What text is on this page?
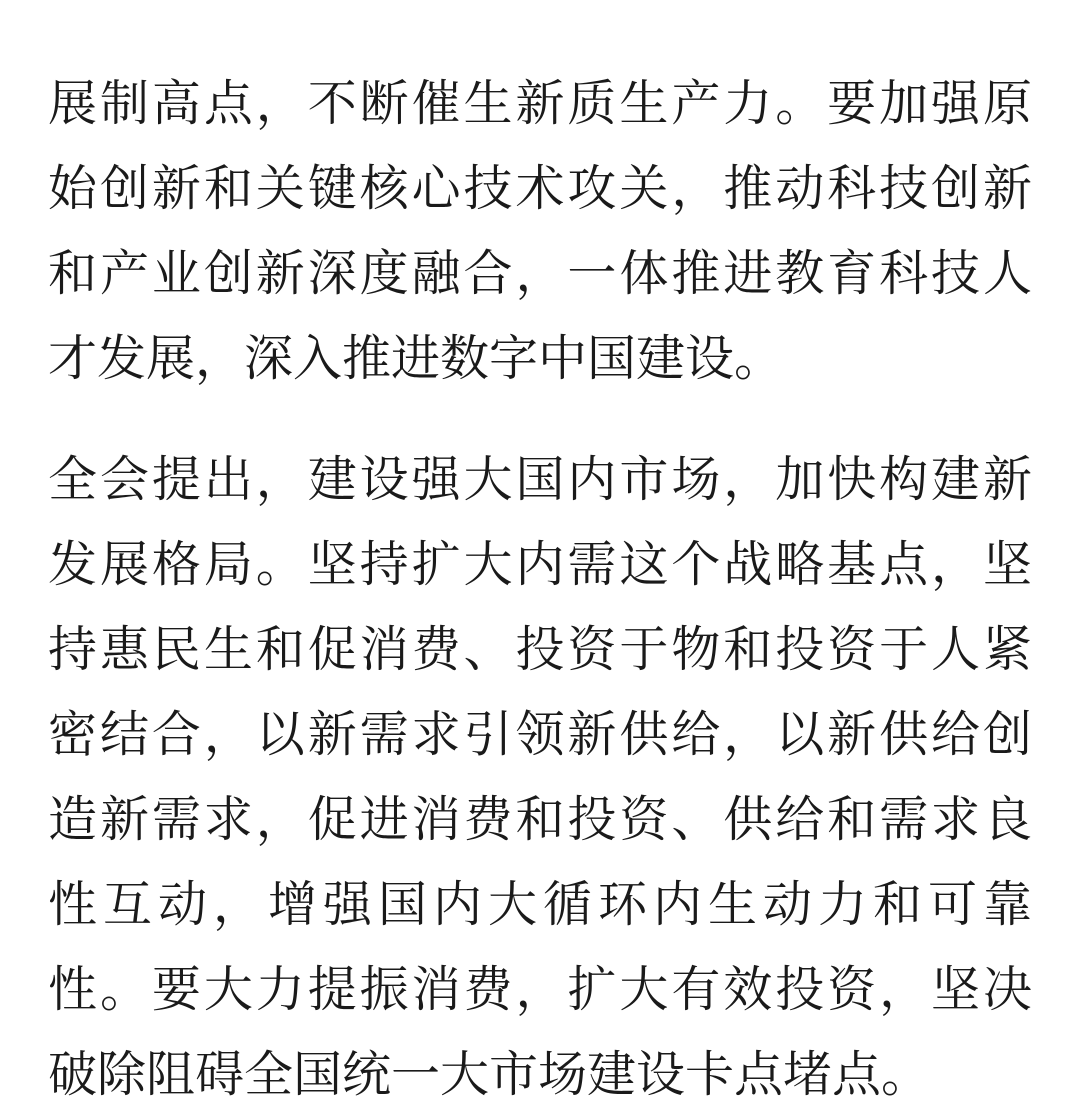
展制高点，不断催生新质生产力。要加强原
始创新和关键核心技术攻关，推动科技创新
和产业创新深度融合，一体推进教育科技人
才发展，深入推进数字中国建设。
全会提出，建设强大国内市场，加快构建新
发展格局。坚持扩大内需这个战略基点，坚
持惠民生和促消费、投资于物和投资于人紧
密结合，以新需求引领新供给，以新供给创
造新需求，促进消费和投资、供给和需求良
性互动，增强国内大循环内生动力和可靠
性。要大力提振消费，扩大有效投资，坚决
破除阻碍全国统一大市场建设卡点堵点。
